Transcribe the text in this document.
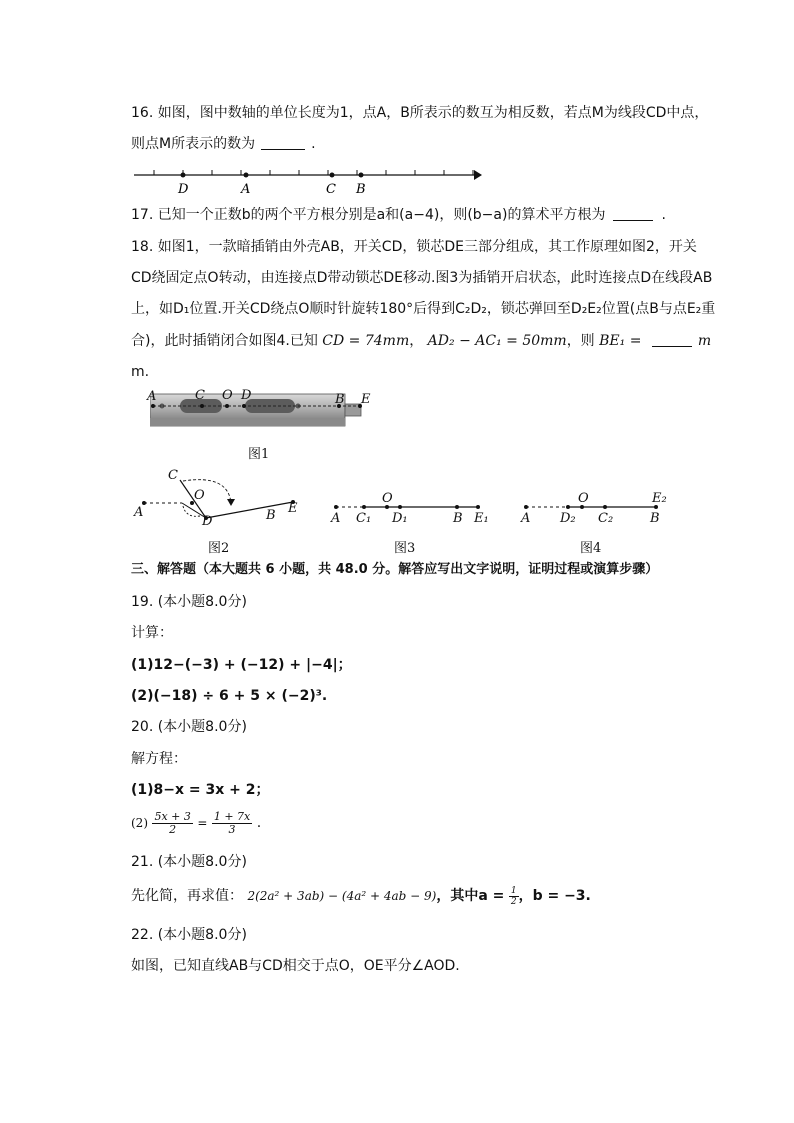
16. 如图，图中数轴的单位长度为1，点A，B所表示的数互为相反数，若点M为线段CD中点，
则点M所表示的数为	.
D	A	C B
17. 已知一个正数b的两个平方根分别是a和(a−4)，则(b−a)的算术平方根为	.
18. 如图1，一款暗插销由外壳AB，开关CD，锁芯DE三部分组成，其工作原理如图2，开关
CD绕固定点O转动，由连接点D带动锁芯DE移动.图3为插销开启状态，此时连接点D在线段AB
上，如D₁位置.开关CD绕点O顺时针旋转180°后得到C₂D₂，锁芯弹回至D₂E₂位置(点B与点E₂重
合)，此时插销闭合如图4.已知 CD = 74mm， AD₂ − AC₁ = 50mm，则 BE₁ =	m
m.
A	C O D	B E
图1
C
O
A
D	B E
图2
O
A C₁ D₁	B E₁
图3
O	E₂
A D₂ C₂	B
图4
三、解答题（本大题共 6 小题，共 48.0 分。解答应写出文字说明，证明过程或演算步骤）
19. (本小题8.0分)
计算：
(1)12−(−3) + (−12) + |−4|；
(2)(−18) ÷ 6 + 5 × (−2)³.
20. (本小题8.0分)
解方程：
(1)8−x = 3x + 2；
$(2) \frac{5x + 3}{2} = \frac{1 + 7x}{3}$ .
21. (本小题8.0分)
先化简，再求值： 2(2a² + 3ab) − (4a² + 4ab − 9)，其中$a = \frac{1}{2}$ ，b = −3.
22. (本小题8.0分)
如图，已知直线AB与CD相交于点O，OE平分∠AOD.
